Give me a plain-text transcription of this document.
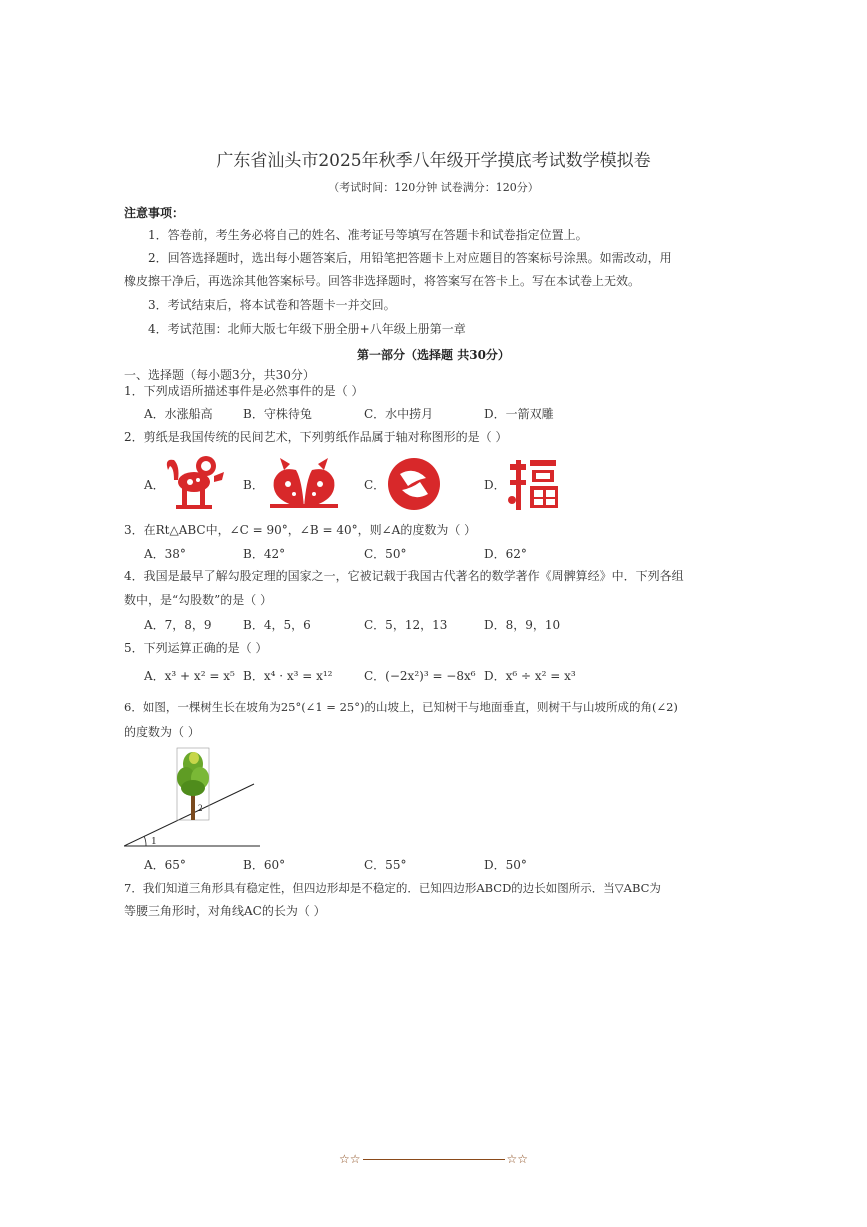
广东省汕头市2025年秋季八年级开学摸底考试数学模拟卷
（考试时间：120分钟 试卷满分：120分）
注意事项：
1．答卷前，考生务必将自己的姓名、准考证号等填写在答题卡和试卷指定位置上。
2．回答选择题时，选出每小题答案后，用铅笔把答题卡上对应题目的答案标号涂黑。如需改动，用
橡皮擦干净后，再选涂其他答案标号。回答非选择题时，将答案写在答卡上。写在本试卷上无效。
3．考试结束后，将本试卷和答题卡一并交回。
4．考试范围：北师大版七年级下册全册+八年级上册第一章
第一部分（选择题 共30分）
一、选择题（每小题3分，共30分）
1．下列成语所描述事件是必然事件的是（ ）
A．水涨船高	B．守株待兔	C．水中捞月	D．一箭双雕
2．剪纸是我国传统的民间艺术，下列剪纸作品属于轴对称图形的是（ ）
A．	B．	C．	D．
3．在Rt△ABC中，∠C = 90°，∠B = 40°，则∠A的度数为（ ）
A．38°	B．42°	C．50°	D．62°
4．我国是最早了解勾股定理的国家之一，它被记载于我国古代著名的数学著作《周髀算经》中．下列各组
数中，是“勾股数”的是（ ）
A．7，8，9	B．4，5，6	C．5，12，13	D．8，9，10
5．下列运算正确的是（ ）
A．x³ + x² = x⁵ B．x⁴ · x³ = x¹²	C．(−2x²)³ = −8x⁶ D．x⁶ ÷ x² = x³
6．如图，一棵树生长在坡角为25°(∠1 = 25°)的山坡上，已知树干与地面垂直，则树干与山坡所成的角(∠2)
的度数为（ ）
1
2
A．65°	B．60°	C．55°	D．50°
7．我们知道三角形具有稳定性，但四边形却是不稳定的．已知四边形ABCD的边长如图所示．当▽ABC为
等腰三角形时，对角线AC的长为（ ）
☆☆	☆☆
